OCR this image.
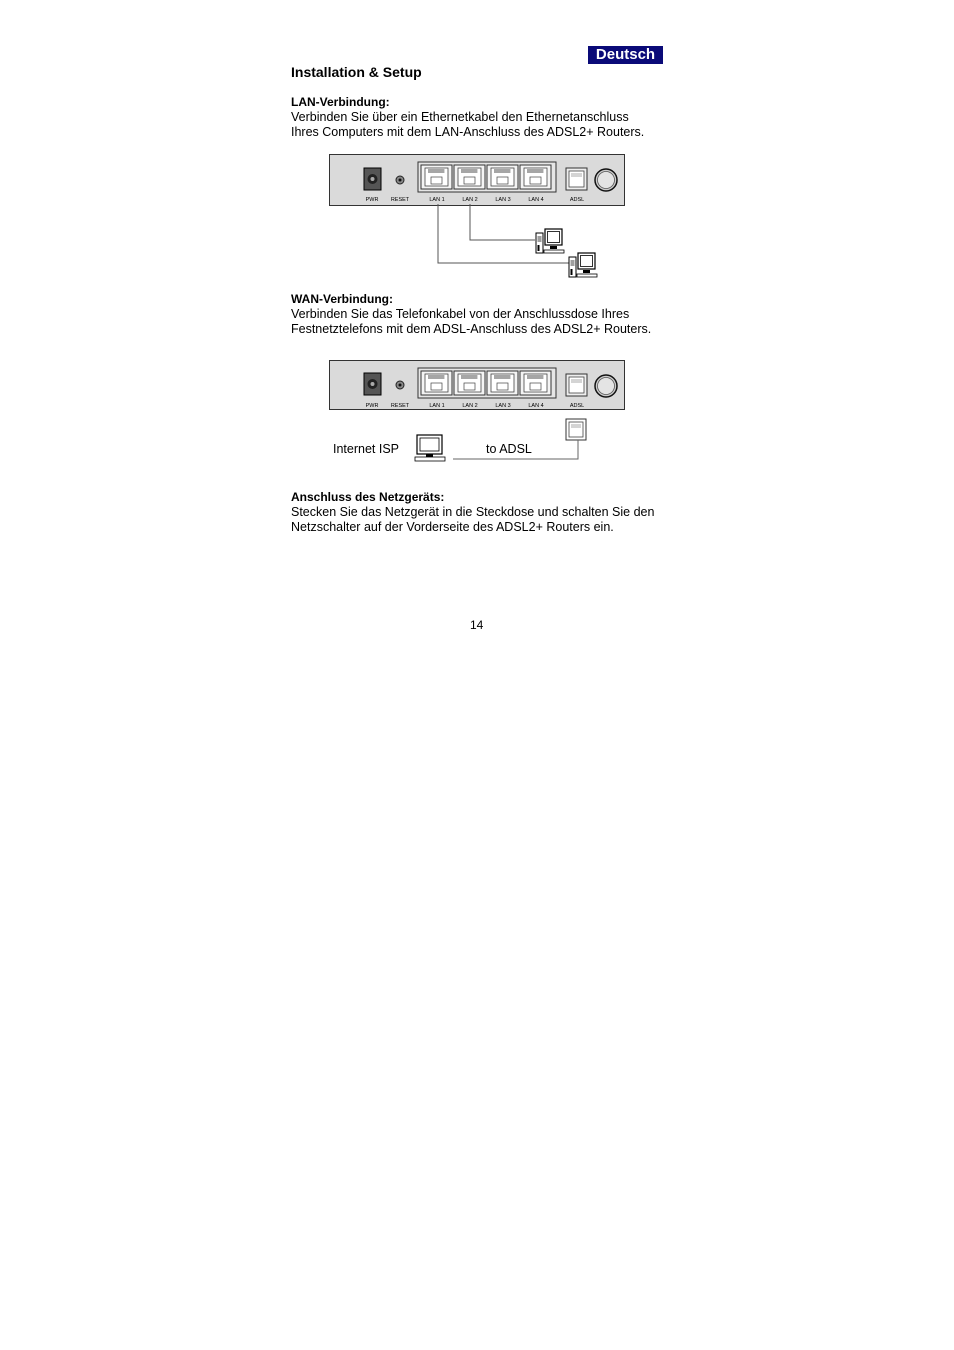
Deutsch
Installation & Setup
LAN-Verbindung:
Verbinden Sie über ein Ethernetkabel den Ethernetanschluss
Ihres Computers mit dem LAN-Anschluss des ADSL2+ Routers.
PWR RESET	LAN 1	LAN 2	LAN 3	LAN 4	ADSL
WAN-Verbindung:
Verbinden Sie das Telefonkabel von der Anschlussdose Ihres
Festnetztelefons mit dem ADSL-Anschluss des ADSL2+ Routers.
PWR RESET	LAN 1	LAN 2	LAN 3	LAN 4	ADSL
Internet ISP	to ADSL
Anschluss des Netzgeräts:
Stecken Sie das Netzgerät in die Steckdose und schalten Sie den
Netzschalter auf der Vorderseite des ADSL2+ Routers ein.
14
